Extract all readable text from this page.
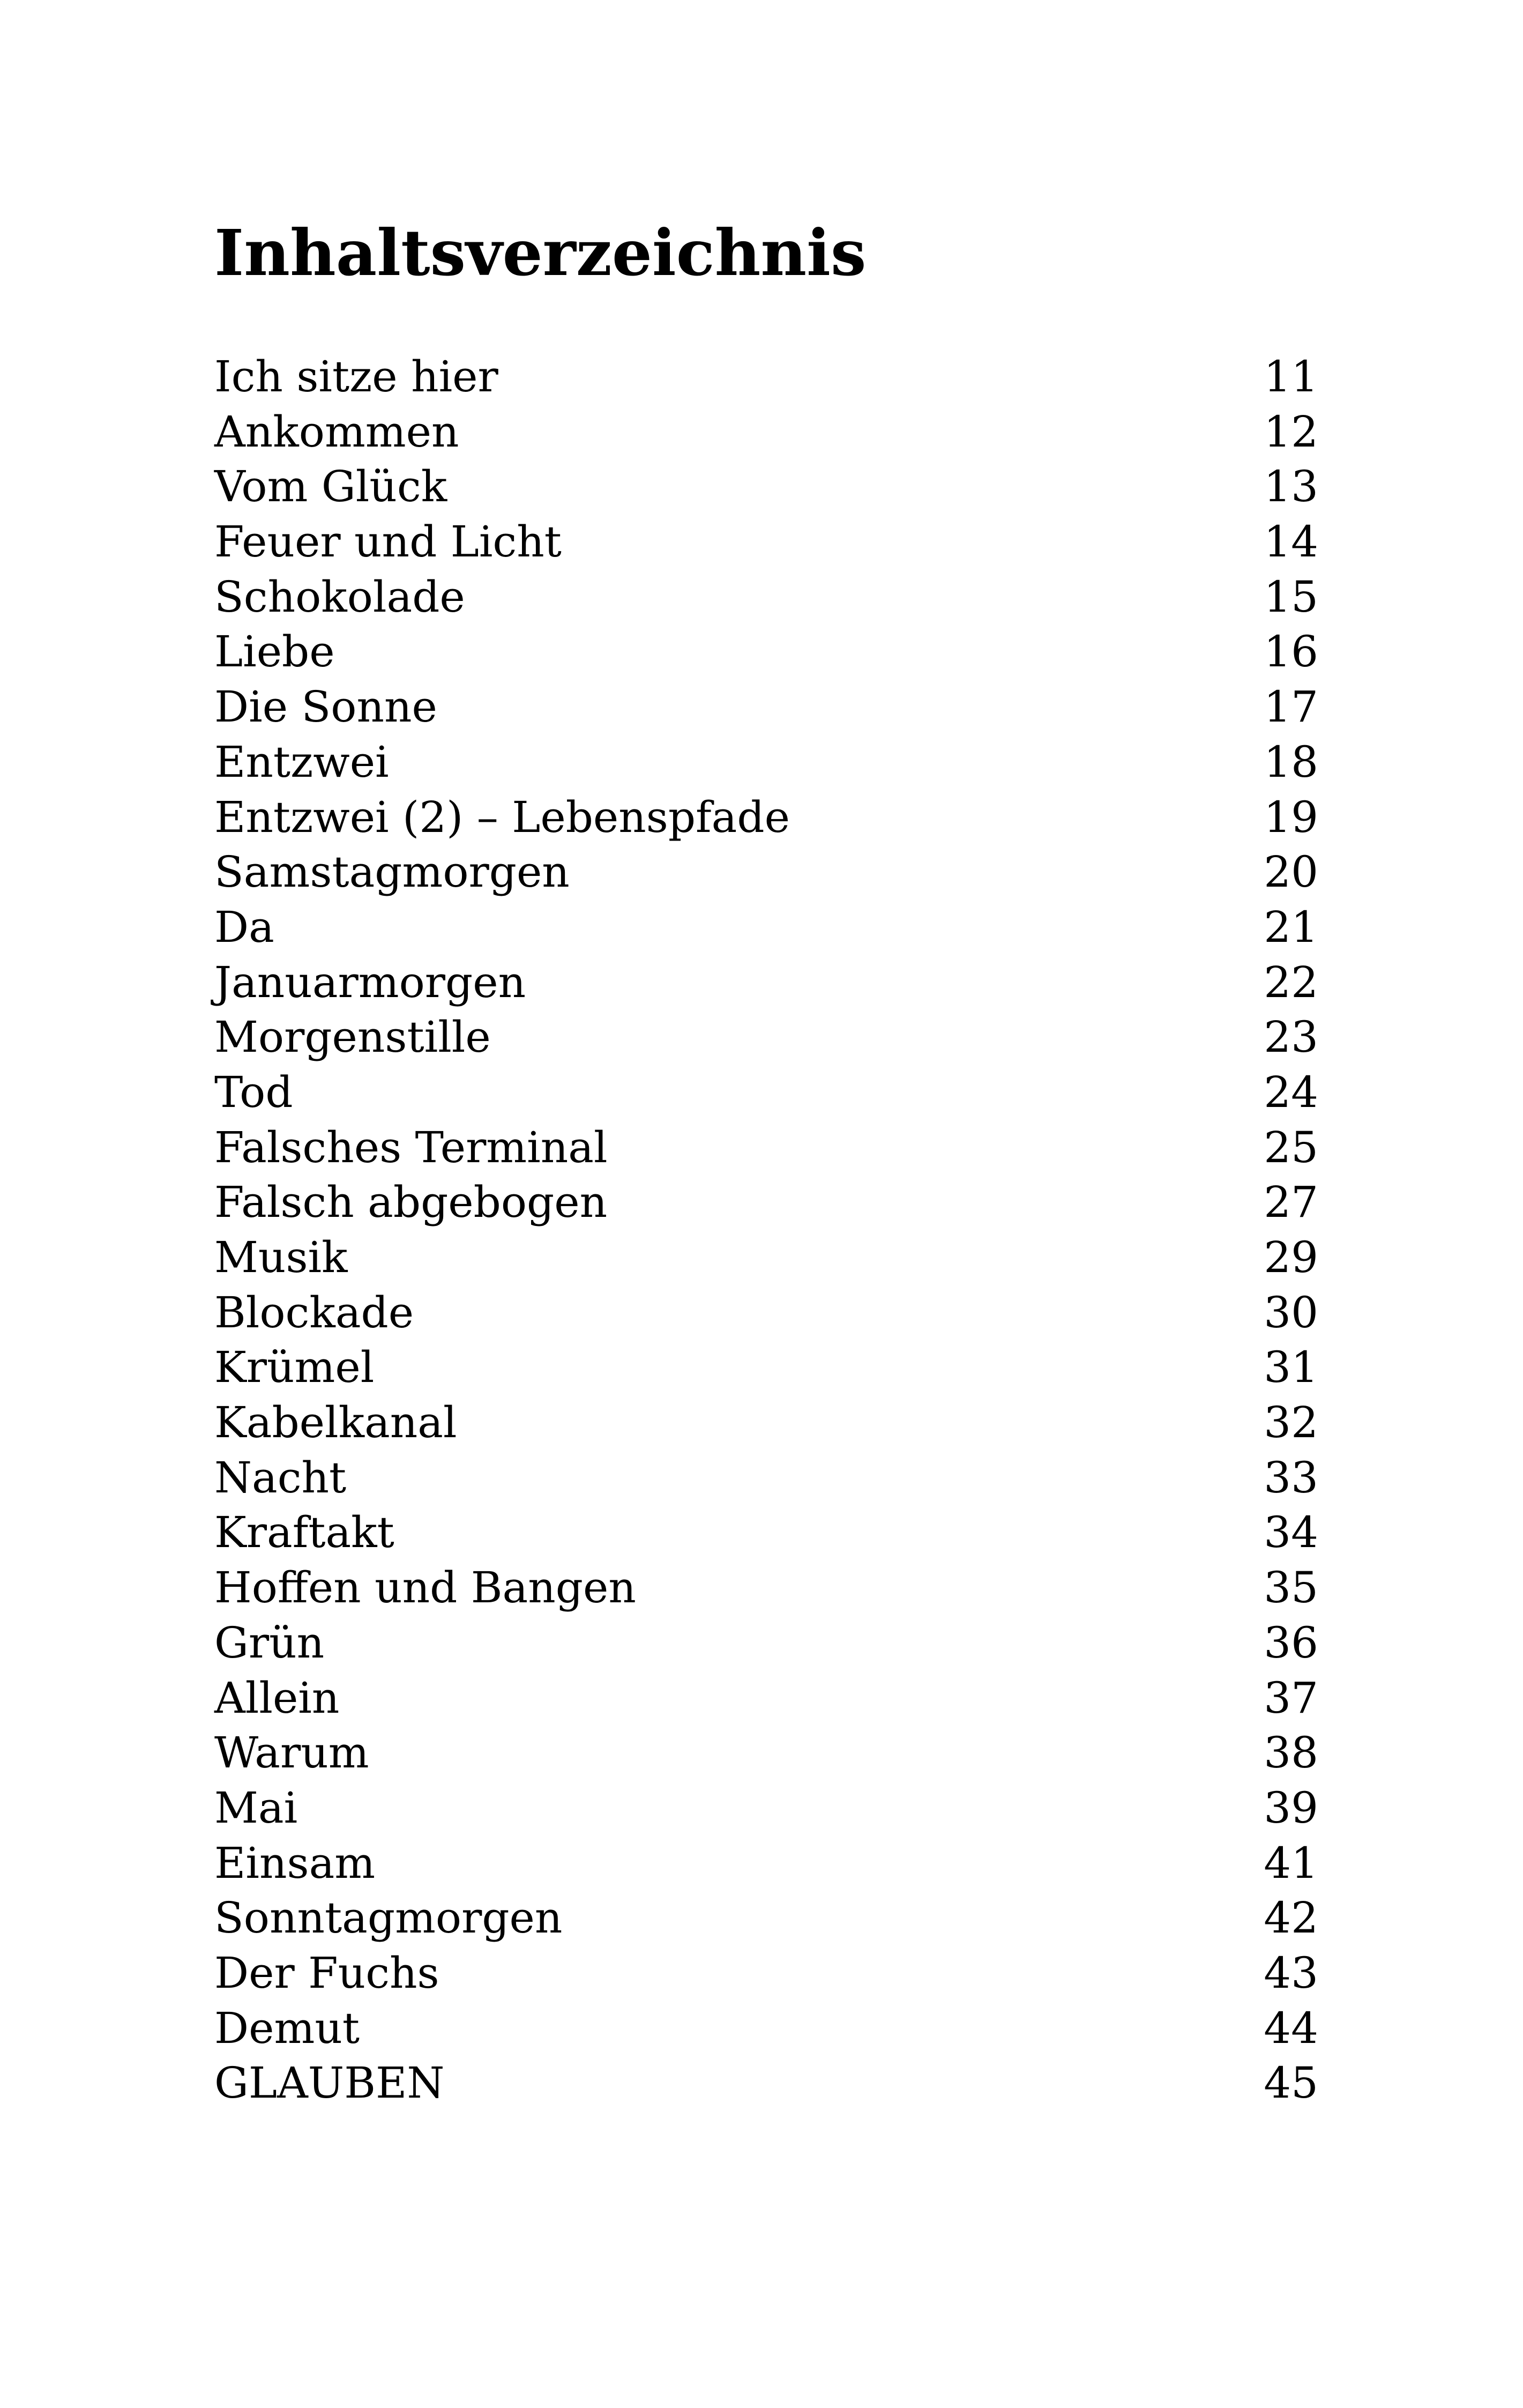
Inhaltsverzeichnis
Ich sitze hier	11
Ankommen	12
Vom Glück	13
Feuer und Licht	14
Schokolade	15
Liebe	16
Die Sonne	17
Entzwei	18
Entzwei (2) – Lebenspfade	19
Samstagmorgen	20
Da	21
Januarmorgen	22
Morgenstille	23
Tod	24
Falsches Terminal	25
Falsch abgebogen	27
Musik	29
Blockade	30
Krümel	31
Kabelkanal	32
Nacht	33
Kraftakt	34
Hoffen und Bangen	35
Grün	36
Allein	37
Warum	38
Mai	39
Einsam	41
Sonntagmorgen	42
Der Fuchs	43
Demut	44
GLAUBEN	45
